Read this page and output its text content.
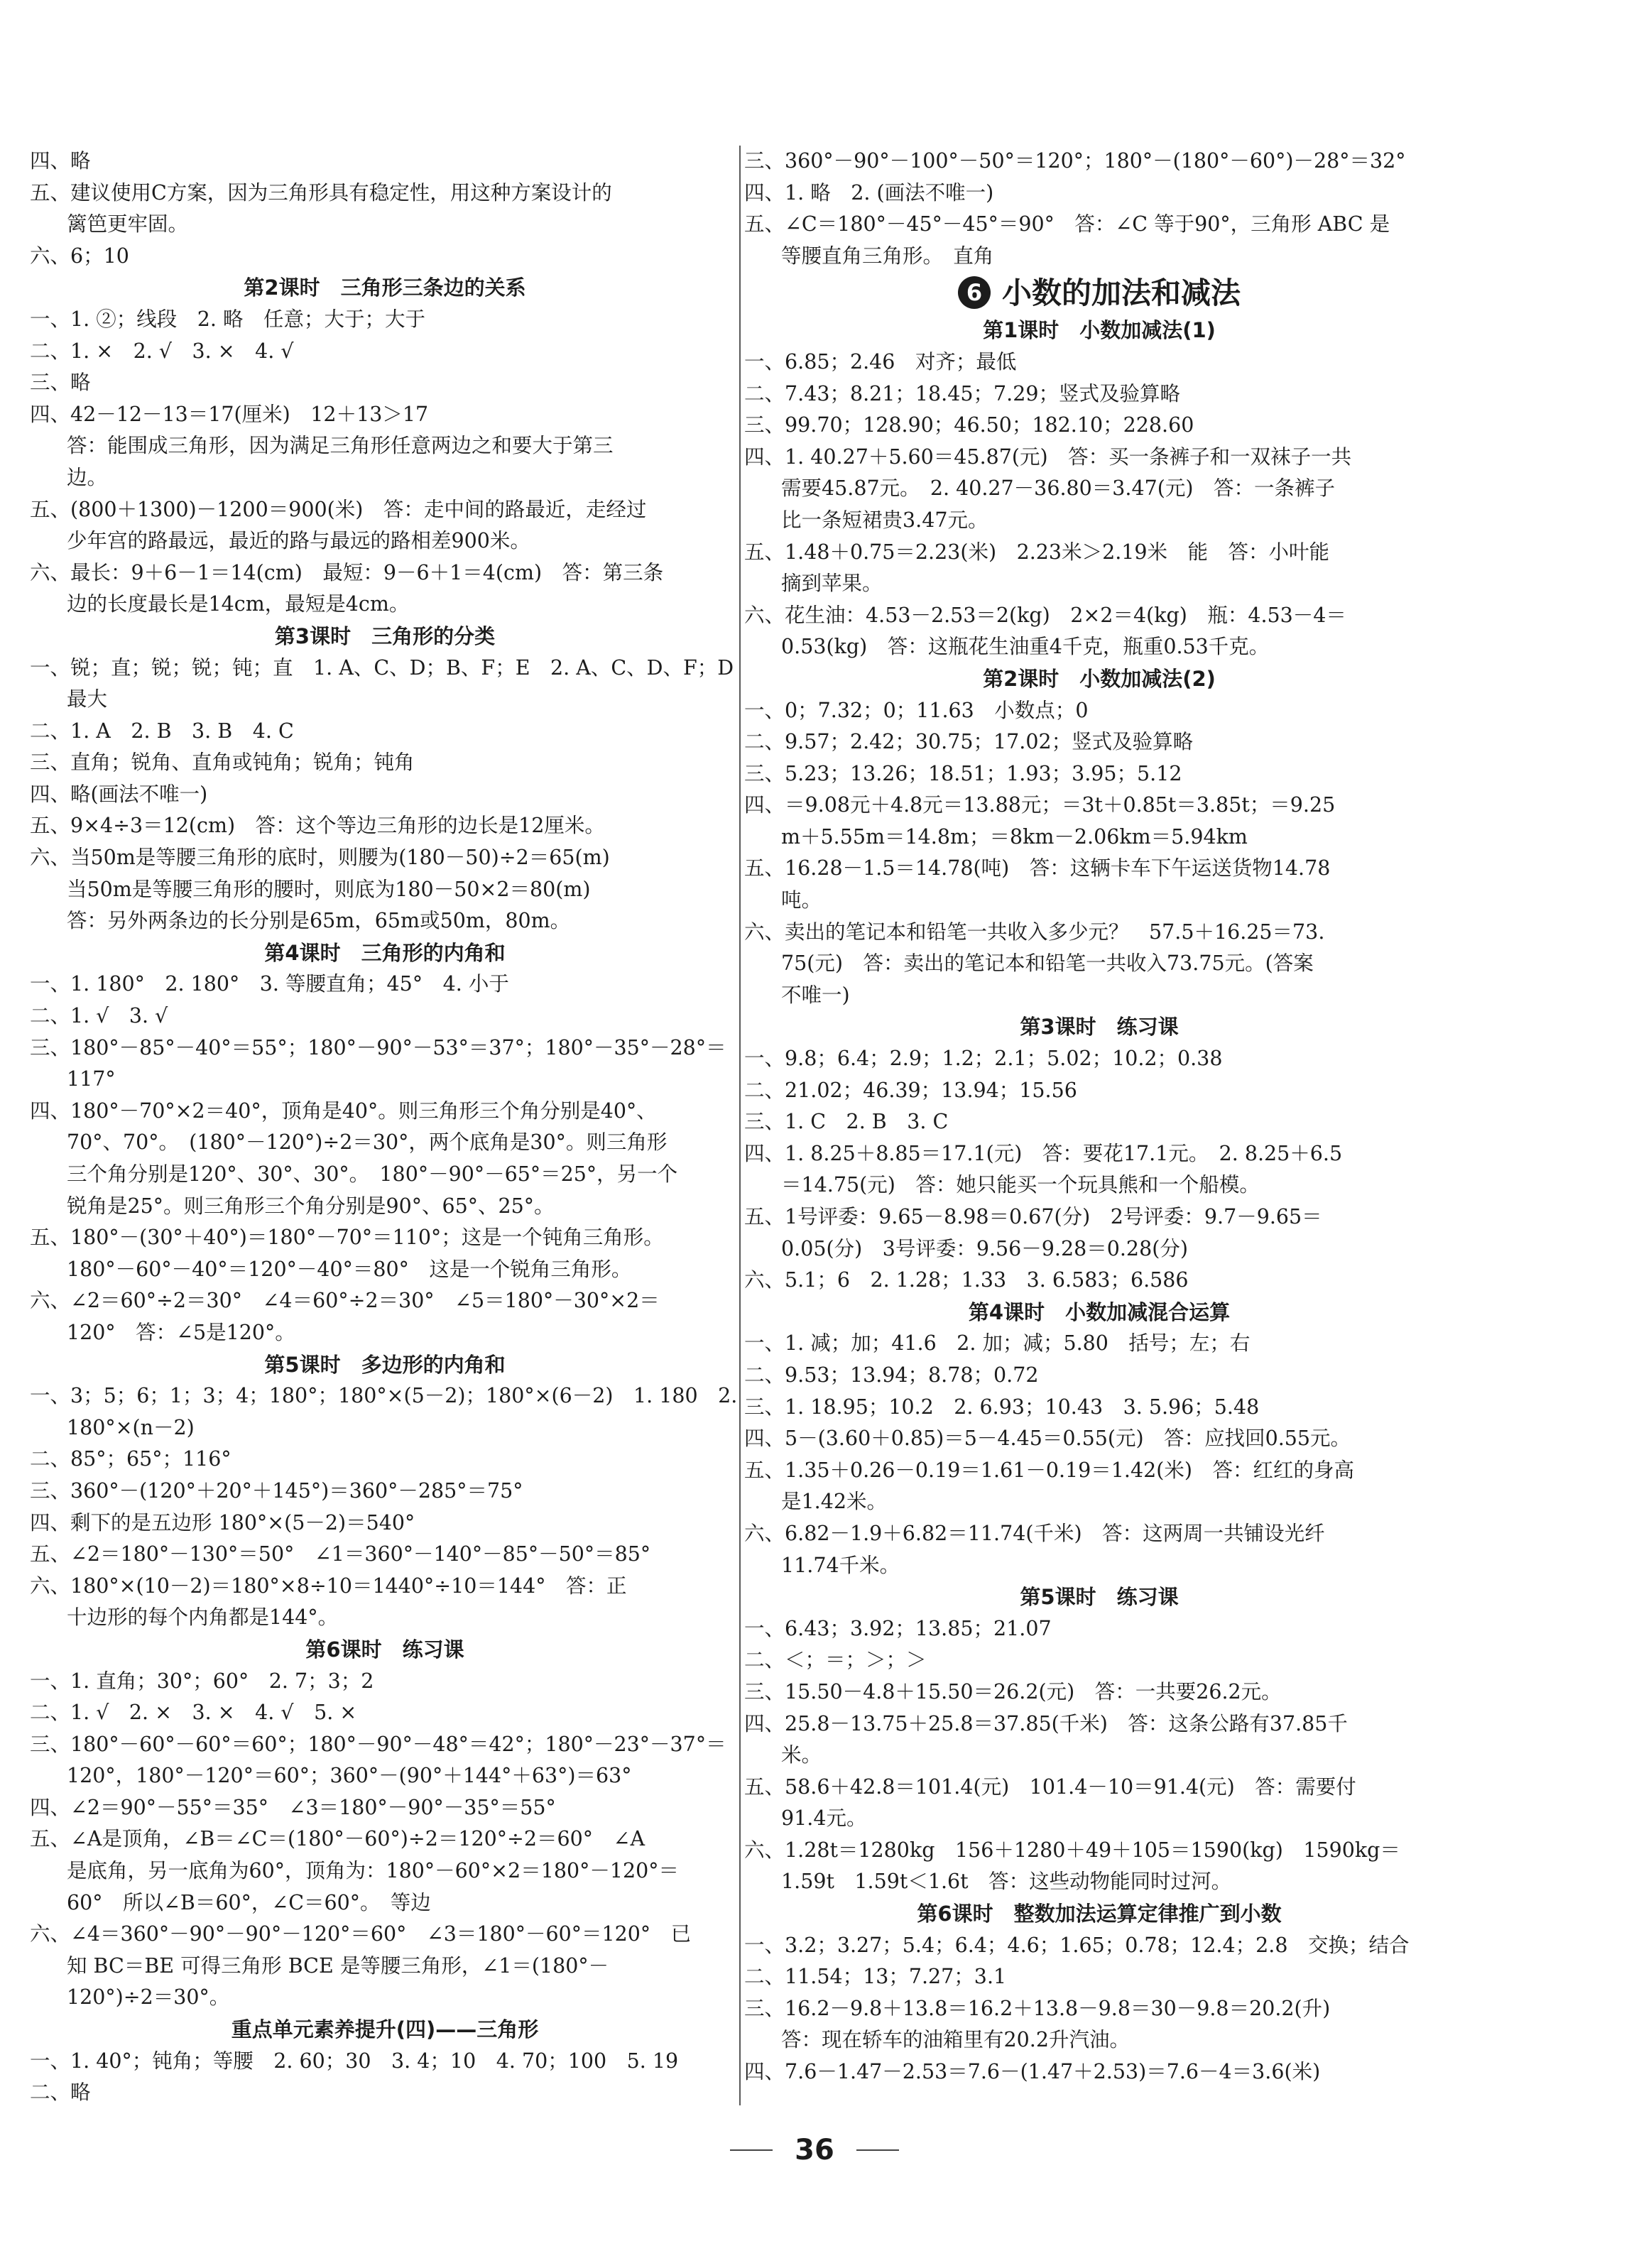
四、略
五、建议使用C方案，因为三角形具有稳定性，用这种方案设计的
篱笆更牢固。
六、6；10
第2课时　三角形三条边的关系
一、1. ②；线段　2. 略　任意；大于；大于
二、1. ×　2. √　3. ×　4. √
三、略
四、42－12－13＝17(厘米)　12＋13＞17
答：能围成三角形，因为满足三角形任意两边之和要大于第三
边。
五、(800＋1300)－1200＝900(米)　答：走中间的路最近，走经过
少年宫的路最远，最近的路与最远的路相差900米。
六、最长：9＋6－1＝14(cm)　最短：9－6＋1＝4(cm)　答：第三条
边的长度最长是14cm，最短是4cm。
第3课时　三角形的分类
一、锐；直；锐；锐；钝；直　1. A、C、D；B、F；E　2. A、C、D、F；D
最大
二、1. A　2. B　3. B　4. C
三、直角；锐角、直角或钝角；锐角；钝角
四、略(画法不唯一)
五、9×4÷3＝12(cm)　答：这个等边三角形的边长是12厘米。
六、当50m是等腰三角形的底时，则腰为(180－50)÷2＝65(m)
当50m是等腰三角形的腰时，则底为180－50×2＝80(m)
答：另外两条边的长分别是65m，65m或50m，80m。
第4课时　三角形的内角和
一、1. 180°　2. 180°　3. 等腰直角；45°　4. 小于
二、1. √　3. √
三、180°－85°－40°＝55°；180°－90°－53°＝37°；180°－35°－28°＝
117°
四、180°－70°×2＝40°，顶角是40°。则三角形三个角分别是40°、
70°、70°。　(180°－120°)÷2＝30°，两个底角是30°。则三角形
三个角分别是120°、30°、30°。　180°－90°－65°＝25°，另一个
锐角是25°。则三角形三个角分别是90°、65°、25°。
五、180°－(30°＋40°)＝180°－70°＝110°；这是一个钝角三角形。
180°－60°－40°＝120°－40°＝80°　这是一个锐角三角形。
六、∠2＝60°÷2＝30°　∠4＝60°÷2＝30°　∠5＝180°－30°×2＝
120°　答：∠5是120°。
第5课时　多边形的内角和
一、3；5；6；1；3；4；180°；180°×(5－2)；180°×(6－2)　1. 180　2.
180°×(n－2)
二、85°；65°；116°
三、360°－(120°＋20°＋145°)＝360°－285°＝75°
四、剩下的是五边形 180°×(5－2)＝540°
五、∠2＝180°－130°＝50°　∠1＝360°－140°－85°－50°＝85°
六、180°×(10－2)＝180°×8÷10＝1440°÷10＝144°　答：正
十边形的每个内角都是144°。
第6课时　练习课
一、1. 直角；30°；60°　2. 7；3；2
二、1. √　2. ×　3. ×　4. √　5. ×
三、180°－60°－60°＝60°；180°－90°－48°＝42°；180°－23°－37°＝
120°，180°－120°＝60°；360°－(90°＋144°＋63°)＝63°
四、∠2＝90°－55°＝35°　∠3＝180°－90°－35°＝55°
五、∠A是顶角，∠B＝∠C＝(180°－60°)÷2＝120°÷2＝60°　∠A
是底角，另一底角为60°，顶角为：180°－60°×2＝180°－120°＝
60°　所以∠B＝60°，∠C＝60°。　等边
六、∠4＝360°－90°－90°－120°＝60°　∠3＝180°－60°＝120°　已
知 BC＝BE 可得三角形 BCE 是等腰三角形，∠1＝(180°－
120°)÷2＝30°。
重点单元素养提升(四)——三角形
一、1. 40°；钝角；等腰　2. 60；30　3. 4；10　4. 70；100　5. 19
二、略
三、360°－90°－100°－50°＝120°；180°－(180°－60°)－28°＝32°
四、1. 略　2. (画法不唯一)
五、∠C＝180°－45°－45°＝90°　答：∠C 等于90°，三角形 ABC 是
等腰直角三角形。　直角
6 小数的加法和减法
第1课时　小数加减法(1)
一、6.85；2.46　对齐；最低
二、7.43；8.21；18.45；7.29；竖式及验算略
三、99.70；128.90；46.50；182.10；228.60
四、1. 40.27＋5.60＝45.87(元)　答：买一条裤子和一双袜子一共
需要45.87元。　2. 40.27－36.80＝3.47(元)　答：一条裤子
比一条短裙贵3.47元。
五、1.48＋0.75＝2.23(米)　2.23米＞2.19米　能　答：小叶能
摘到苹果。
六、花生油：4.53－2.53＝2(kg)　2×2＝4(kg)　瓶：4.53－4＝
0.53(kg)　答：这瓶花生油重4千克，瓶重0.53千克。
第2课时　小数加减法(2)
一、0；7.32；0；11.63　小数点；0
二、9.57；2.42；30.75；17.02；竖式及验算略
三、5.23；13.26；18.51；1.93；3.95；5.12
四、＝9.08元＋4.8元＝13.88元；＝3t＋0.85t＝3.85t；＝9.25
m＋5.55m＝14.8m；＝8km－2.06km＝5.94km
五、16.28－1.5＝14.78(吨)　答：这辆卡车下午运送货物14.78
吨。
六、卖出的笔记本和铅笔一共收入多少元？　57.5＋16.25＝73.
75(元)　答：卖出的笔记本和铅笔一共收入73.75元。(答案
不唯一)
第3课时　练习课
一、9.8；6.4；2.9；1.2；2.1；5.02；10.2；0.38
二、21.02；46.39；13.94；15.56
三、1. C　2. B　3. C
四、1. 8.25＋8.85＝17.1(元)　答：要花17.1元。　2. 8.25＋6.5
＝14.75(元)　答：她只能买一个玩具熊和一个船模。
五、1号评委：9.65－8.98＝0.67(分)　2号评委：9.7－9.65＝
0.05(分)　3号评委：9.56－9.28＝0.28(分)
六、5.1；6　2. 1.28；1.33　3. 6.583；6.586
第4课时　小数加减混合运算
一、1. 减；加；41.6　2. 加；减；5.80　括号；左；右
二、9.53；13.94；8.78；0.72
三、1. 18.95；10.2　2. 6.93；10.43　3. 5.96；5.48
四、5－(3.60＋0.85)＝5－4.45＝0.55(元)　答：应找回0.55元。
五、1.35＋0.26－0.19＝1.61－0.19＝1.42(米)　答：红红的身高
是1.42米。
六、6.82－1.9＋6.82＝11.74(千米)　答：这两周一共铺设光纤
11.74千米。
第5课时　练习课
一、6.43；3.92；13.85；21.07
二、＜；＝；＞；＞
三、15.50－4.8＋15.50＝26.2(元)　答：一共要26.2元。
四、25.8－13.75＋25.8＝37.85(千米)　答：这条公路有37.85千
米。
五、58.6＋42.8＝101.4(元)　101.4－10＝91.4(元)　答：需要付
91.4元。
六、1.28t＝1280kg　156＋1280＋49＋105＝1590(kg)　1590kg＝
1.59t　1.59t＜1.6t　答：这些动物能同时过河。
第6课时　整数加法运算定律推广到小数
一、3.2；3.27；5.4；6.4；4.6；1.65；0.78；12.4；2.8　交换；结合
二、11.54；13；7.27；3.1
三、16.2－9.8＋13.8＝16.2＋13.8－9.8＝30－9.8＝20.2(升)
答：现在轿车的油箱里有20.2升汽油。
四、7.6－1.47－2.53＝7.6－(1.47＋2.53)＝7.6－4＝3.6(米)
36
